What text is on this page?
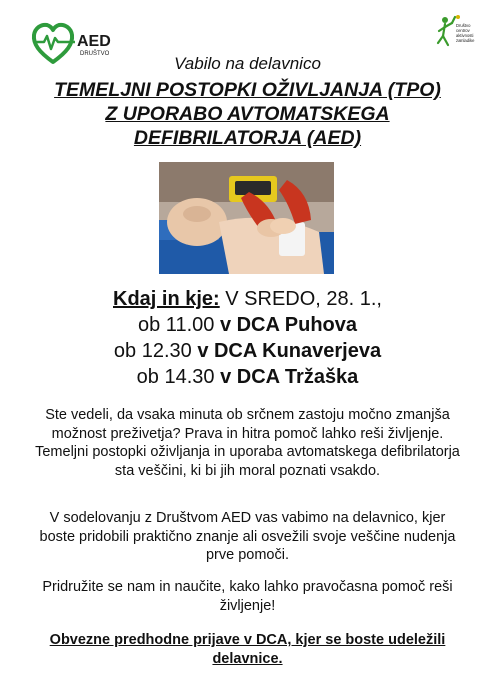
AED
DRUŠTVO
Društvo
centrov
aktivnosti
za mladike
Vabilo na delavnico
TEMELJNI POSTOPKI OŽIVLJANJA (TPO)
Z UPORABO AVTOMATSKEGA
DEFIBRILATORJA (AED)
Kdaj in kje: V SREDO, 28. 1.,
ob 11.00 v DCA Puhova
ob 12.30 v DCA Kunaverjeva
ob 14.30 v DCA Tržaška
Ste vedeli, da vsaka minuta ob srčnem zastoju močno zmanjša možnost preživetja? Prava in hitra pomoč lahko reši življenje. Temeljni postopki oživljanja in uporaba avtomatskega defibrilatorja sta veščini, ki bi jih moral poznati vsakdo.
V sodelovanju z Društvom AED vas vabimo na delavnico, kjer boste pridobili praktično znanje ali osvežili svoje veščine nudenja prve pomoči.
Pridružite se nam in naučite, kako lahko pravočasna pomoč reši življenje!
Obvezne predhodne prijave v DCA, kjer se boste udeležili delavnice.
